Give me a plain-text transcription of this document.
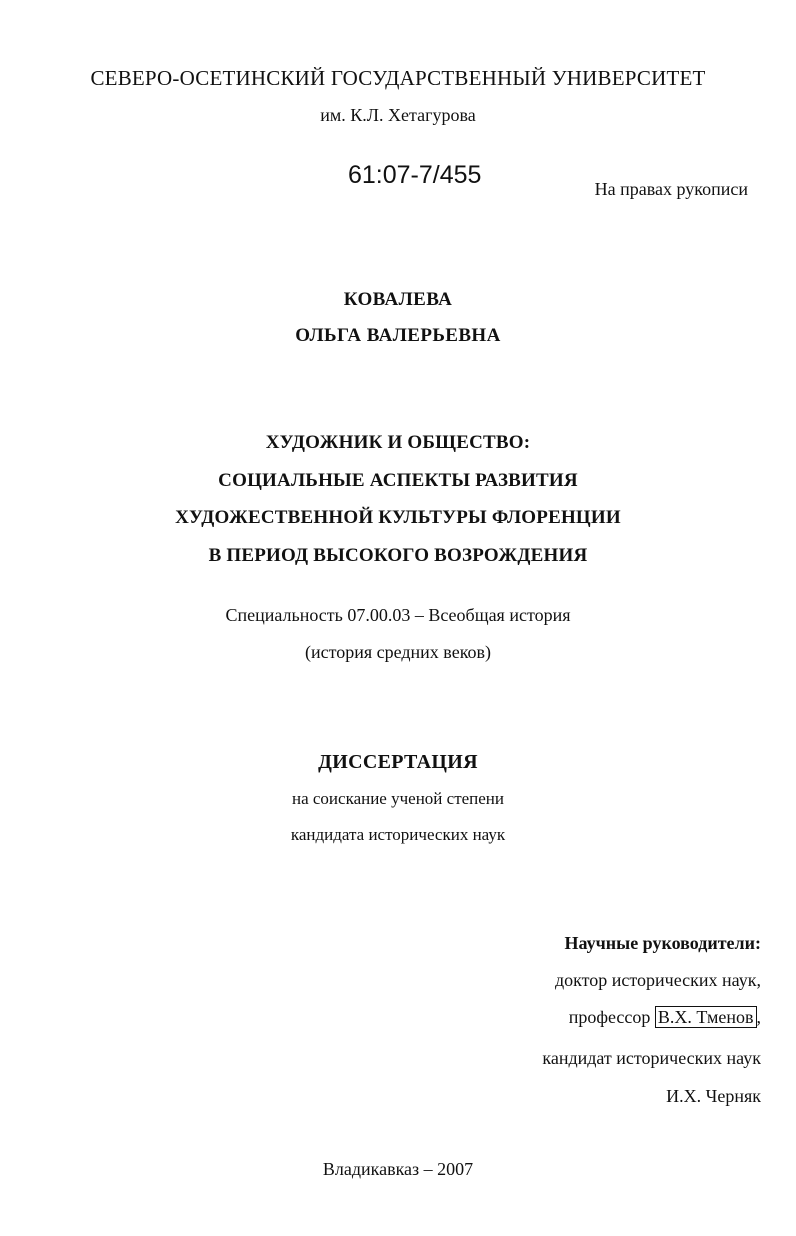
СЕВЕРО-ОСЕТИНСКИЙ ГОСУДАРСТВЕННЫЙ УНИВЕРСИТЕТ
им. К.Л. Хетагурова
61:07-7/455	На правах рукописи
КОВАЛЕВА
ОЛЬГА ВАЛЕРЬЕВНА
ХУДОЖНИК И ОБЩЕСТВО:
СОЦИАЛЬНЫЕ АСПЕКТЫ РАЗВИТИЯ
ХУДОЖЕСТВЕННОЙ КУЛЬТУРЫ ФЛОРЕНЦИИ
В ПЕРИОД ВЫСОКОГО ВОЗРОЖДЕНИЯ
Специальность 07.00.03 – Всеобщая история
(история средних веков)
ДИССЕРТАЦИЯ
на соискание ученой степени
кандидата исторических наук
Научные руководители:
доктор исторических наук,
профессор В.Х. Тменов ,
кандидат исторических наук
И.Х. Черняк
Владикавказ – 2007
